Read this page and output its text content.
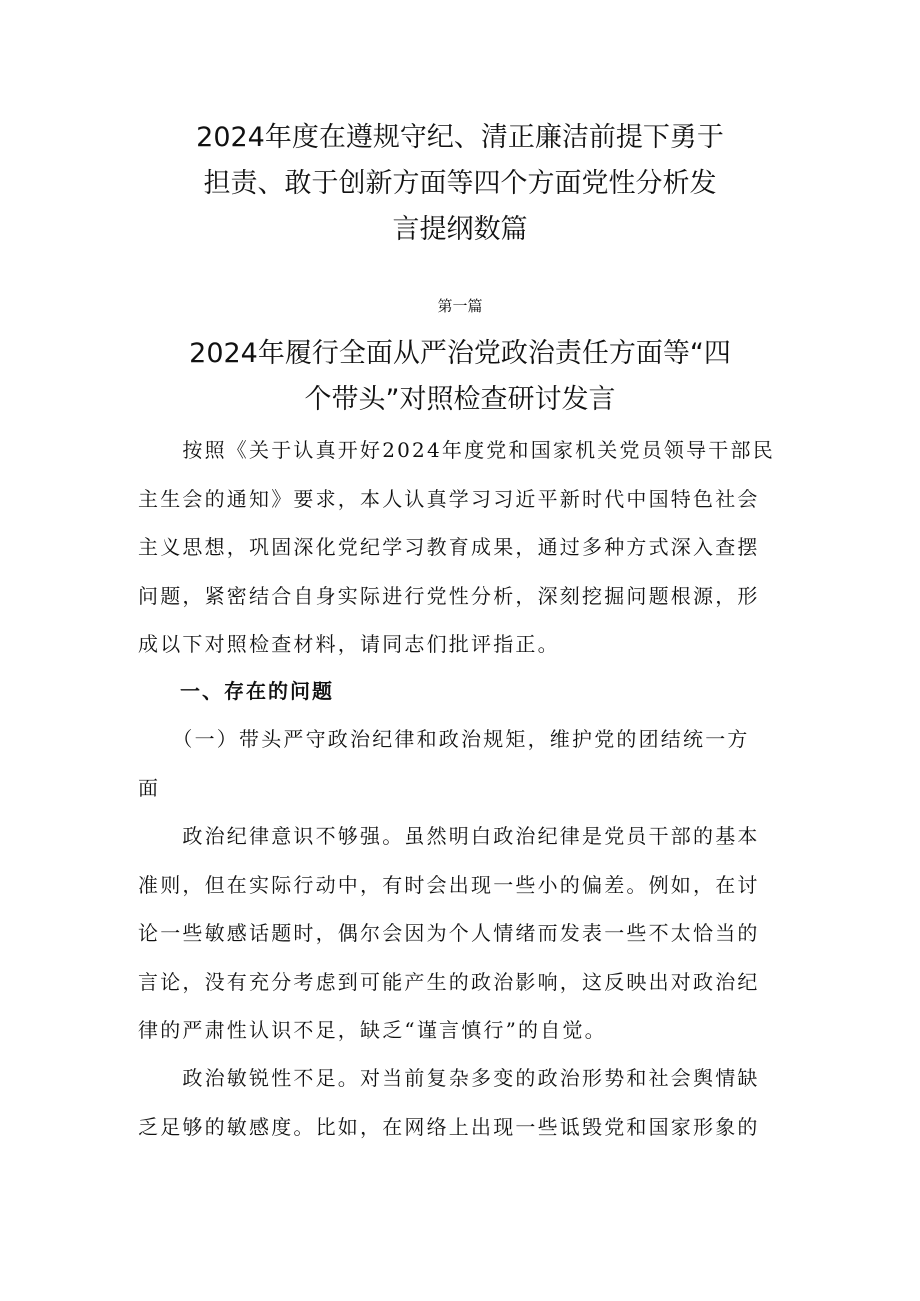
2024年度在遵规守纪、清正廉洁前提下勇于
担责、敢于创新方面等四个方面党性分析发
言提纲数篇
第一篇
2024年履行全面从严治党政治责任方面等“四
个带头”对照检查研讨发言
　　按照《关于认真开好2024年度党和国家机关党员领导干部民
主生会的通知》要求，本人认真学习习近平新时代中国特色社会
主义思想，巩固深化党纪学习教育成果，通过多种方式深入查摆
问题，紧密结合自身实际进行党性分析，深刻挖掘问题根源，形
成以下对照检查材料，请同志们批评指正。
一、存在的问题
　　（一）带头严守政治纪律和政治规矩，维护党的团结统一方
面
　　政治纪律意识不够强。虽然明白政治纪律是党员干部的基本
准则，但在实际行动中，有时会出现一些小的偏差。例如，在讨
论一些敏感话题时，偶尔会因为个人情绪而发表一些不太恰当的
言论，没有充分考虑到可能产生的政治影响，这反映出对政治纪
律的严肃性认识不足，缺乏“谨言慎行”的自觉。
　　政治敏锐性不足。对当前复杂多变的政治形势和社会舆情缺
乏足够的敏感度。比如，在网络上出现一些诋毁党和国家形象的
